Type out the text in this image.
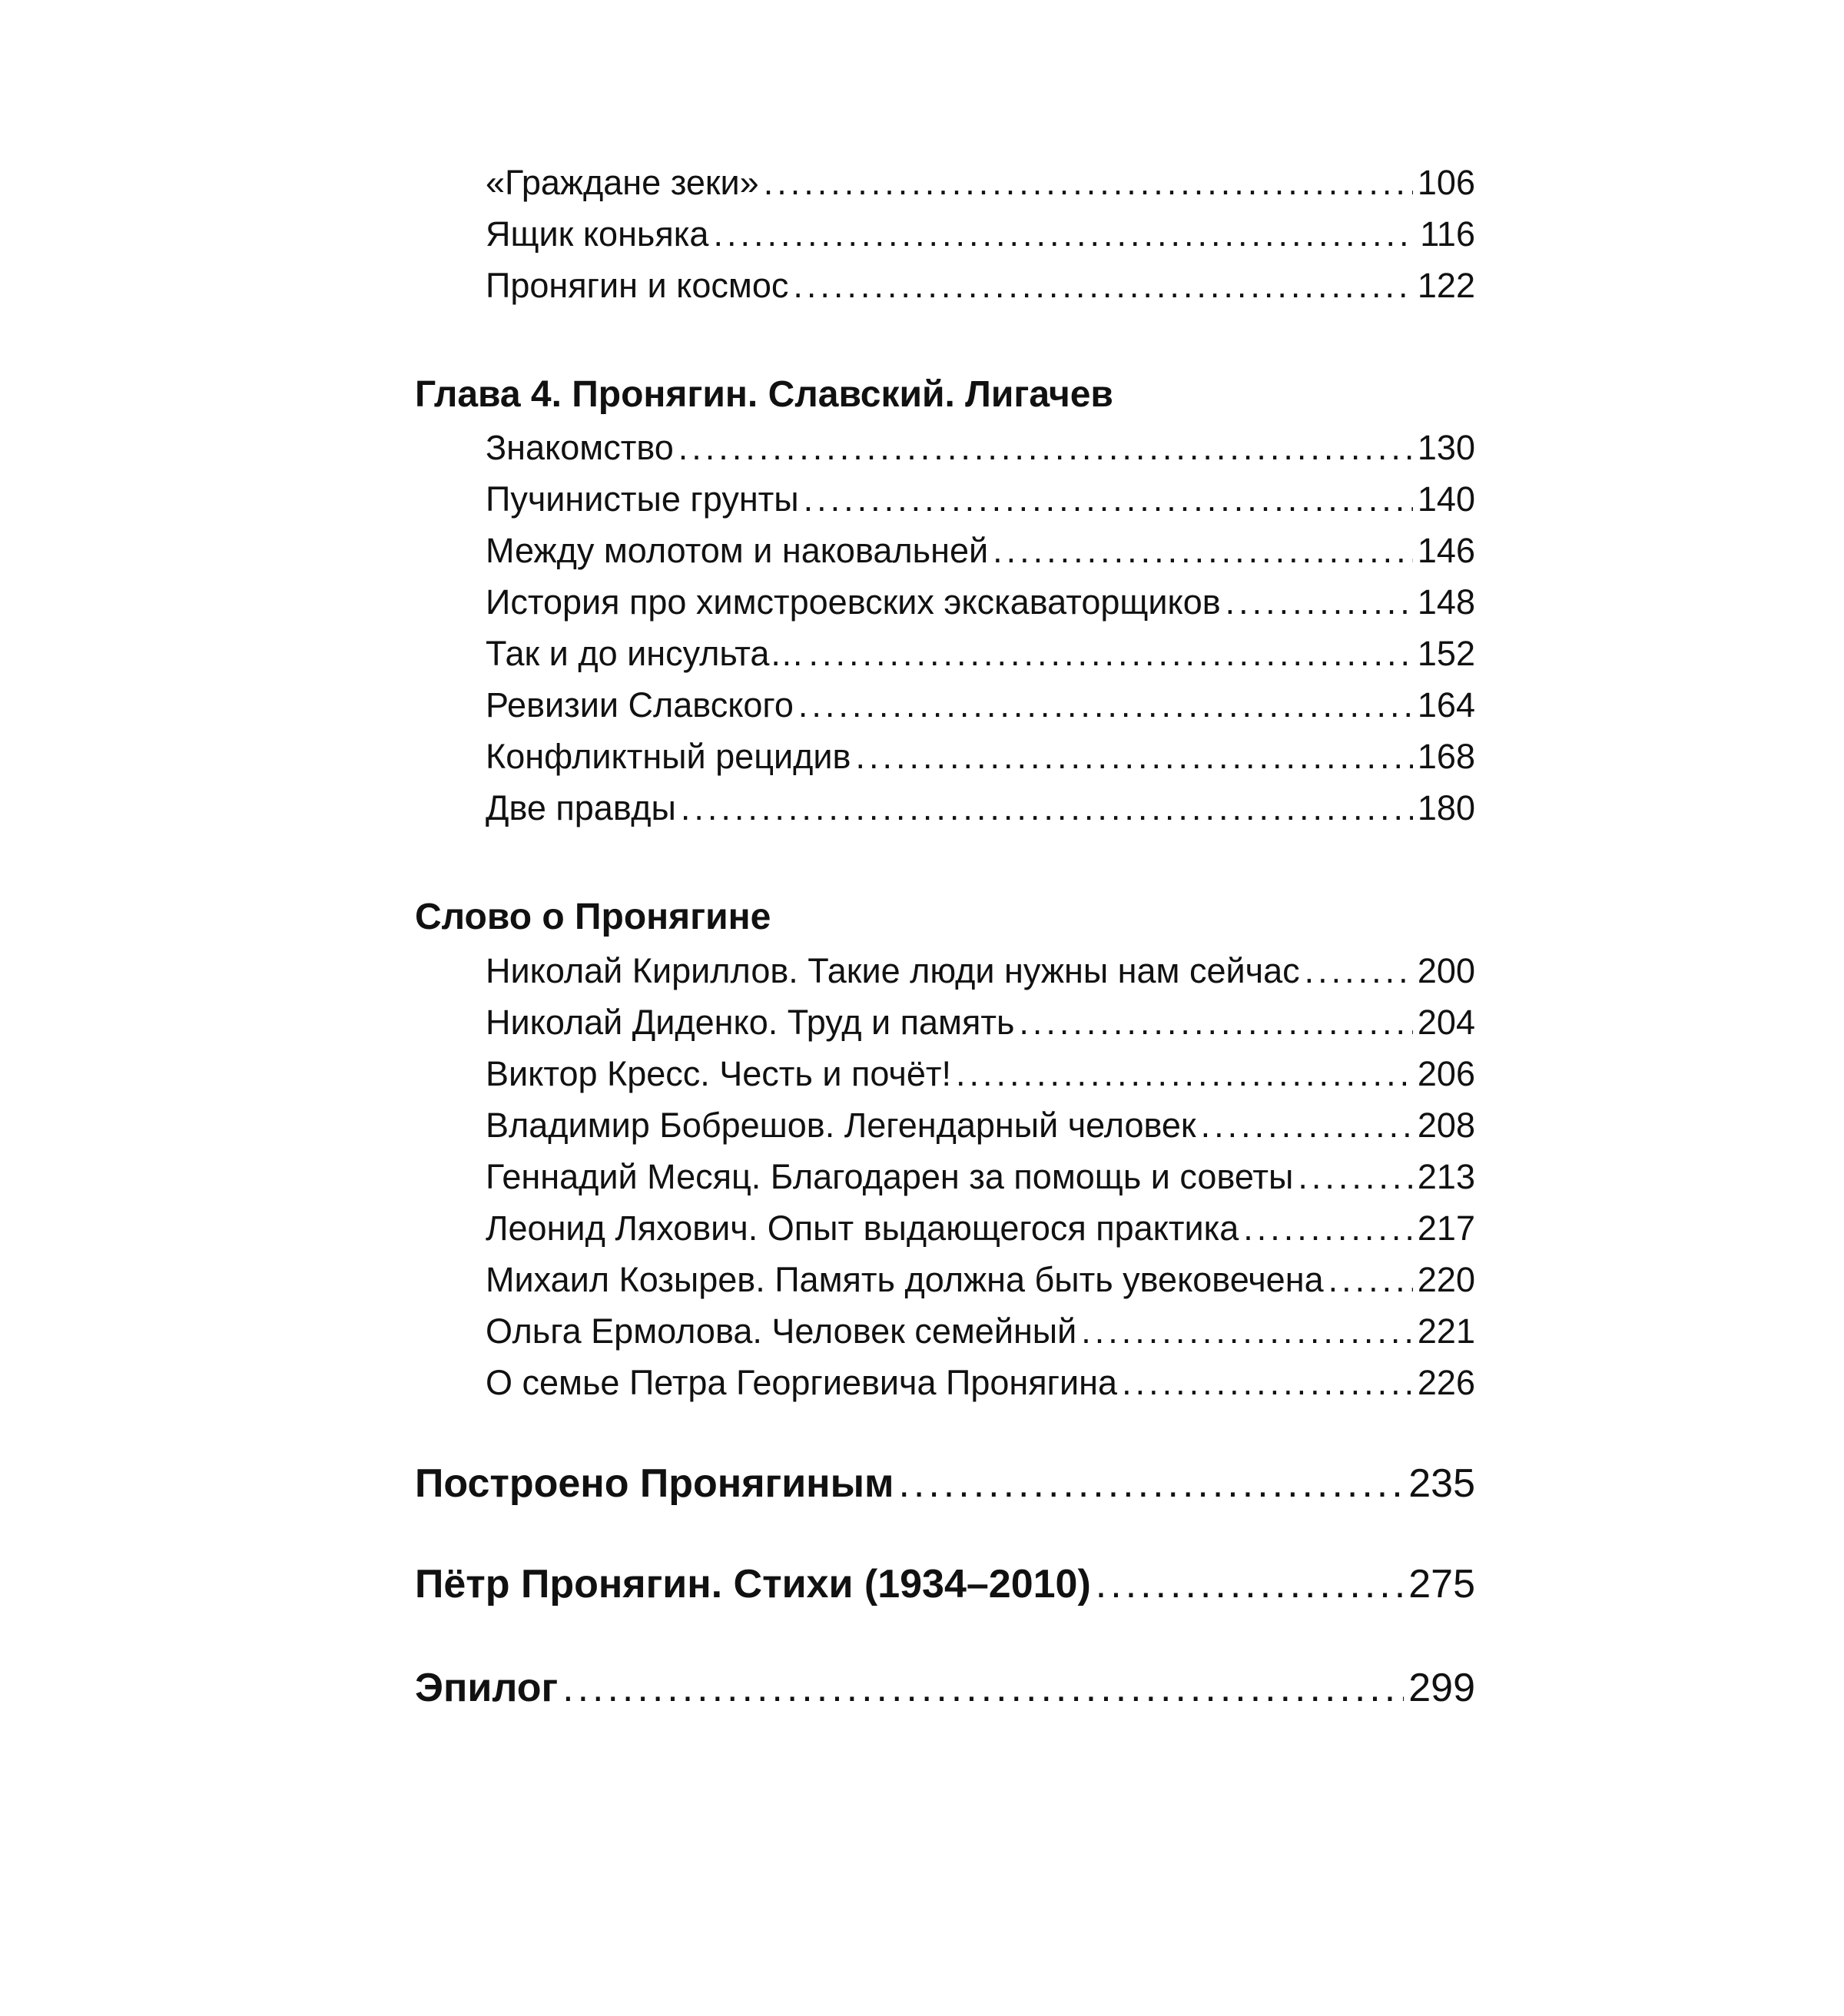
«Граждане зеки» .....	106
Ящик коньяка .....	116
Пронягин и космос .....	122
Глава 4. Пронягин. Славский. Лигачев
Знакомство .....	130
Пучинистые грунты .....	140
Между молотом и наковальней .....	146
История про химстроевских экскаваторщиков .....	148
Так и до инсульта… .....	152
Ревизии Славского .....	164
Конфликтный рецидив .....	168
Две правды .....	180
Слово о Пронягине
Николай Кириллов. Такие люди нужны нам сейчас .....	200
Николай Диденко. Труд и память .....	204
Виктор Кресс. Честь и почёт! .....	206
Владимир Бобрешов. Легендарный человек .....	208
Геннадий Месяц. Благодарен за помощь и советы .....	213
Леонид Ляхович. Опыт выдающегося практика .....	217
Михаил Козырев. Память должна быть увековечена .....	220
Ольга Ермолова. Человек семейный .....	221
О семье Петра Георгиевича Пронягина .....	226
Построено Пронягиным .....	235
Пётр Пронягин. Стихи (1934–2010) .....	275
Эпилог .....	299
